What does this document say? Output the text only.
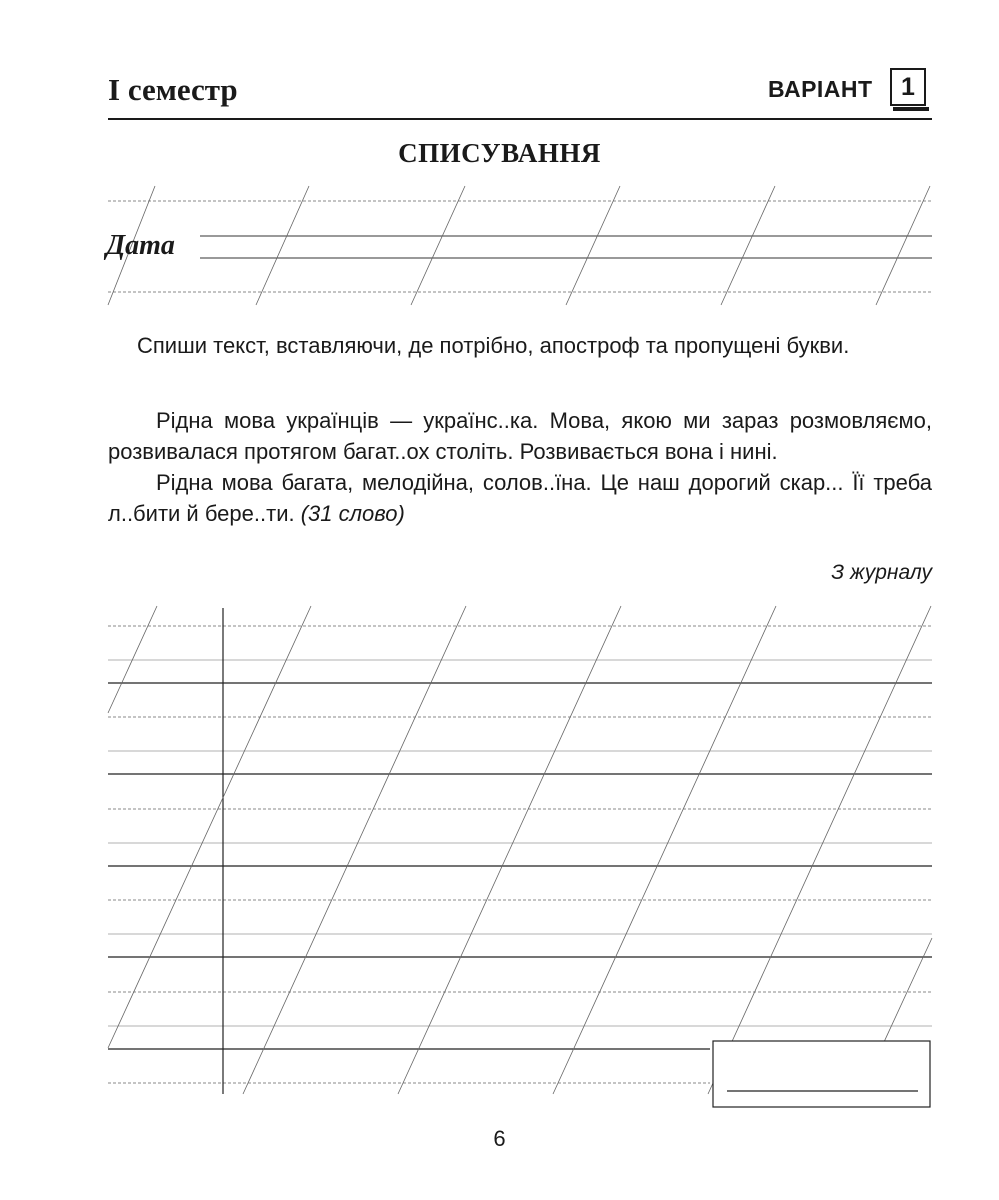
І семестр	ВАРІАНТ	1
СПИСУВАННЯ
Дата
Спиши текст, вставляючи, де потрібно, апостроф та пропущені букви.

Рідна мова українців — українс..ка. Мова, якою ми зараз розмовляємо, розвивалася протягом багат..ох століть. Розвивається вона і нині.

Рідна мова багата, мелодійна, солов..їна. Це наш дорогий скар... Її треба л..бити й бере..ти. (31 слово)

З журналу
6
